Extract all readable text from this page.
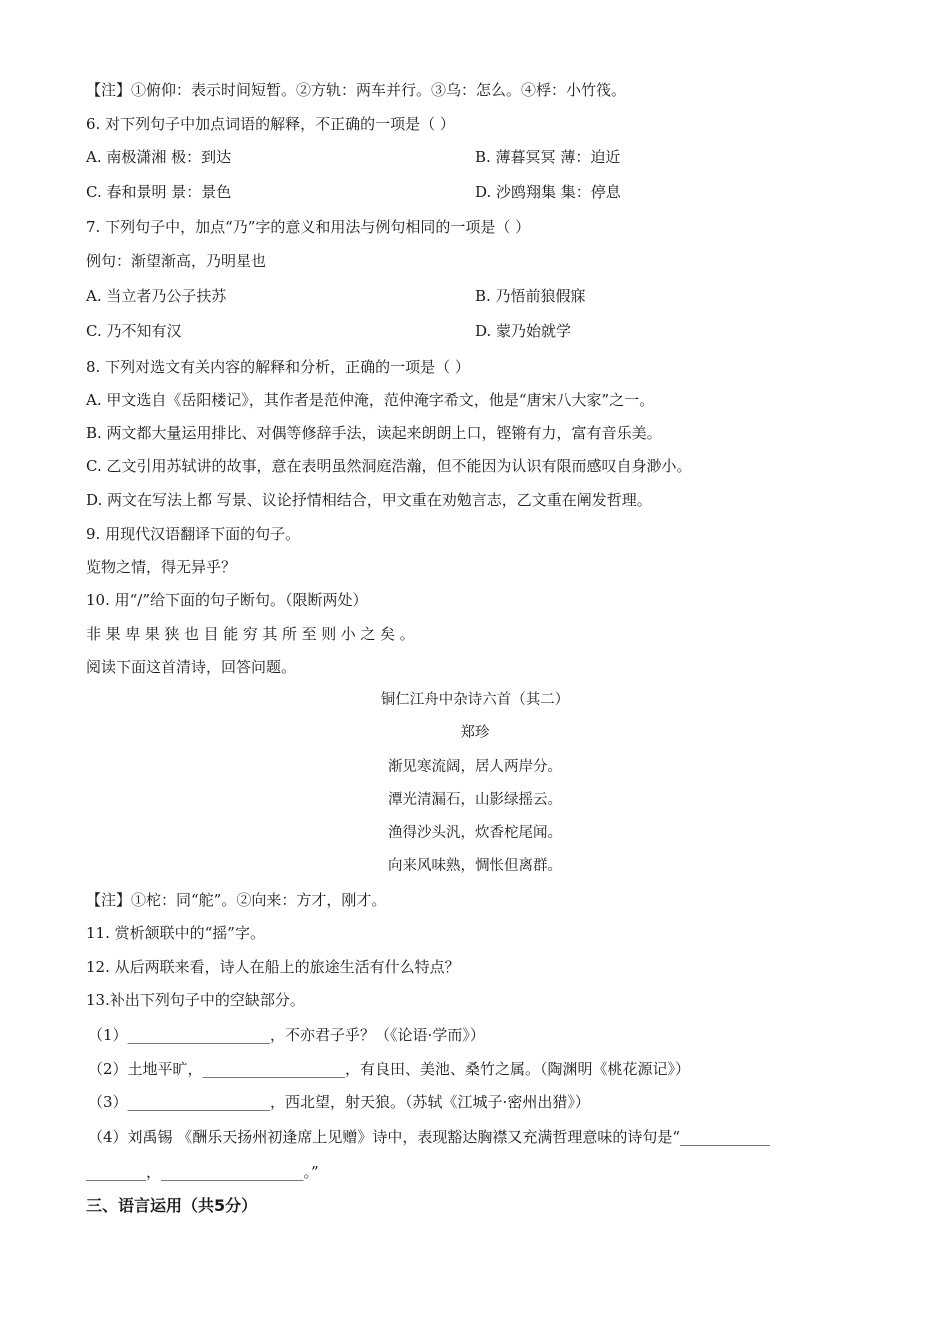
【注】①俯仰：表示时间短暂。②方轨：两车并行。③乌：怎么。④桴：小竹筏。
6. 对下列句子中加点词语的解释，不正确的一项是（ ）
A. 南极潇湘 极：到达	B. 薄暮冥冥 薄：迫近
C. 春和景明 景：景色	D. 沙鸥翔集 集：停息
7. 下列句子中，加点“乃”字的意义和用法与例句相同的一项是（ ）
例句：渐望渐高，乃明星也
A. 当立者乃公子扶苏	B. 乃悟前狼假寐
C. 乃不知有汉	D. 蒙乃始就学
8. 下列对选文有关内容的解释和分析，正确的一项是（ ）
A. 甲文选自《岳阳楼记》，其作者是范仲淹，范仲淹字希文，他是“唐宋八大家”之一。
B. 两文都大量运用排比、对偶等修辞手法，读起来朗朗上口，铿锵有力，富有音乐美。
C. 乙文引用苏轼讲的故事，意在表明虽然洞庭浩瀚，但不能因为认识有限而感叹自身渺小。
D. 两文在写法上都 写景、议论抒情相结合，甲文重在劝勉言志，乙文重在阐发哲理。
9. 用现代汉语翻译下面的句子。
览物之情，得无异乎？
10. 用“/”给下面的句子断句。（限断两处）
非果卑果狭也目能穷其所至则小之矣。
阅读下面这首清诗，回答问题。
铜仁江舟中杂诗六首（其二）
郑珍
渐见寒流阔，居人两岸分。
潭光清漏石，山影绿摇云。
渔得沙头汎，炊香柁尾闻。
向来风味熟，惆怅但离群。
【注】①柁：同“舵”。②向来：方才，刚才。
11. 赏析颔联中的“摇”字。
12. 从后两联来看，诗人在船上的旅途生活有什么特点？
13.补出下列句子中的空缺部分。
（1）___________________，不亦君子乎？（《论语·学而》）
（2）土地平旷，___________________，有良田、美池、桑竹之属。（陶渊明《桃花源记》）
（3）___________________，西北望，射天狼。（苏轼《江城子·密州出猎》）
（4）刘禹锡 《酬乐天扬州初逢席上见赠》诗中，表现豁达胸襟又充满哲理意味的诗句是“____________
________，___________________。”
三、语言运用（共5分）
